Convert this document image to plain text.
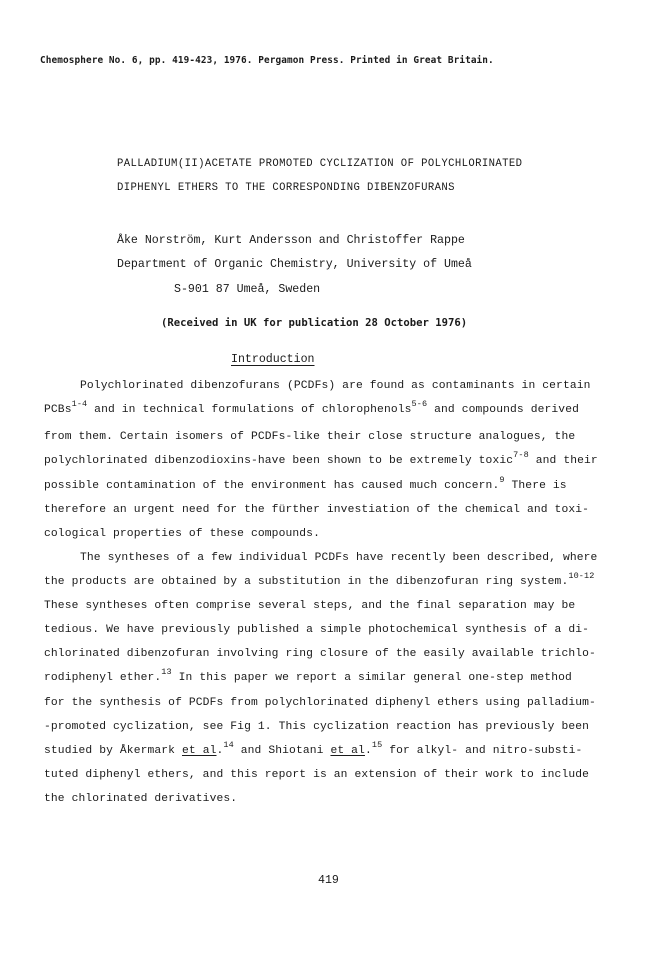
Chemosphere No. 6, pp. 419-423, 1976. Pergamon Press. Printed in Great Britain.
PALLADIUM(II)ACETATE PROMOTED CYCLIZATION OF POLYCHLORINATED
DIPHENYL ETHERS TO THE CORRESPONDING DIBENZOFURANS
Åke Norström, Kurt Andersson and Christoffer Rappe
Department of Organic Chemistry, University of Umeå
S-901 87 Umeå, Sweden
(Received in UK for publication 28 October 1976)
Introduction
Polychlorinated dibenzofurans (PCDFs) are found as contaminants in certain
PCBs$^{1-4}$ and in technical formulations of chlorophenols$^{5-6}$ and compounds derived
from them. Certain isomers of PCDFs-like their close structure analogues, the
polychlorinated dibenzodioxins-have been shown to be extremely toxic$^{7-8}$ and their
possible contamination of the environment has caused much concern.$^9$ There is
therefore an urgent need for the fürther investiation of the chemical and toxi-
cological properties of these compounds.
The syntheses of a few individual PCDFs have recently been described, where
the products are obtained by a substitution in the dibenzofuran ring system.$^{10-12}$
These syntheses often comprise several steps, and the final separation may be
tedious. We have previously published a simple photochemical synthesis of a di-
chlorinated dibenzofuran involving ring closure of the easily available trichlo-
rodiphenyl ether.$^{13}$ In this paper we report a similar general one-step method
for the synthesis of PCDFs from polychlorinated diphenyl ethers using palladium-
-promoted cyclization, see Fig 1. This cyclization reaction has previously been
studied by Åkermark et al.$^{14}$ and Shiotani et al.$^{15}$ for alkyl- and nitro-substi-
tuted diphenyl ethers, and this report is an extension of their work to include
the chlorinated derivatives.
419
